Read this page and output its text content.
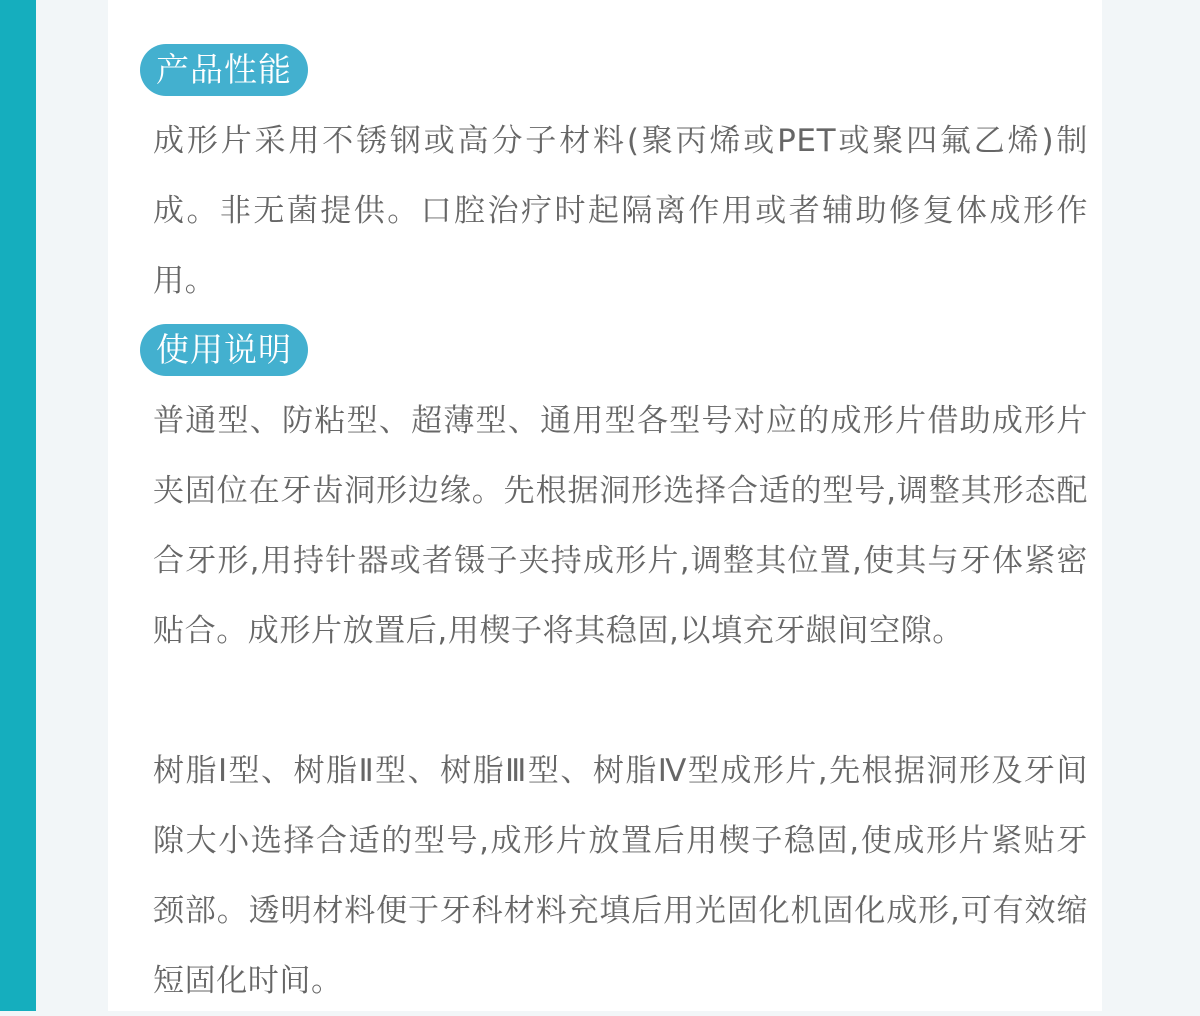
产品性能

成形片采用不锈钢或高分子材料(聚丙烯或PET或聚四氟乙烯)制成。非无菌提供。口腔治疗时起隔离作用或者辅助修复体成形作用。

使用说明

普通型、防粘型、超薄型、通用型各型号对应的成形片借助成形片夹固位在牙齿洞形边缘。先根据洞形选择合适的型号,调整其形态配合牙形,用持针器或者镊子夹持成形片,调整其位置,使其与牙体紧密贴合。成形片放置后,用楔子将其稳固,以填充牙龈间空隙。

树脂Ⅰ型、树脂Ⅱ型、树脂Ⅲ型、树脂Ⅳ型成形片,先根据洞形及牙间隙大小选择合适的型号,成形片放置后用楔子稳固,使成形片紧贴牙颈部。透明材料便于牙科材料充填后用光固化机固化成形,可有效缩短固化时间。
